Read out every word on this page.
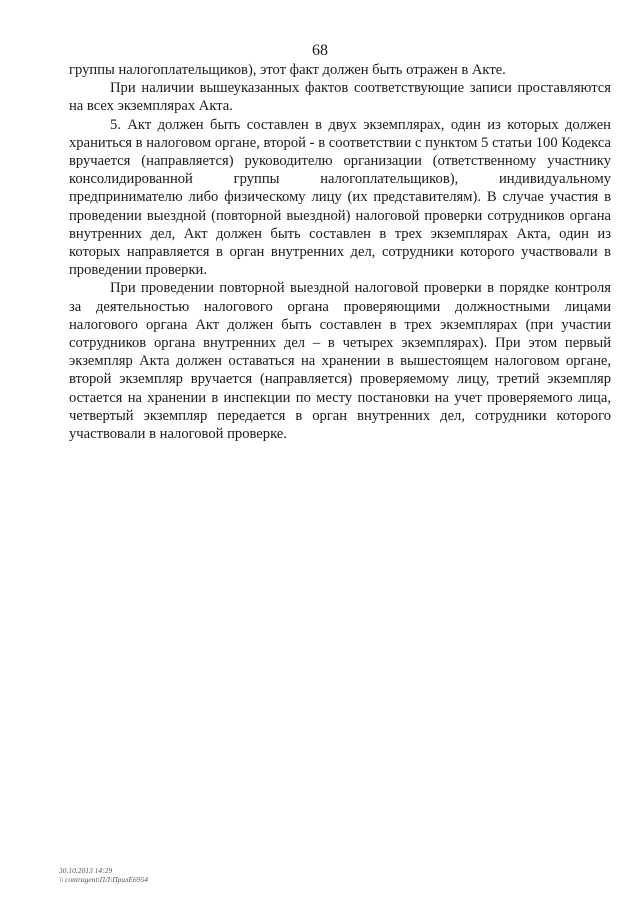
68

группы налогоплательщиков), этот факт должен быть отражен в Акте.

При наличии вышеуказанных фактов соответствующие записи проставляются на всех экземплярах Акта.

5. Акт должен быть составлен в двух экземплярах, один из которых должен храниться в налоговом органе, второй - в соответствии с пунктом 5 статьи 100 Кодекса вручается (направляется) руководителю организации (ответственному участнику консолидированной группы налогоплательщиков), индивидуальному предпринимателю либо физическому лицу (их представителям). В случае участия в проведении выездной (повторной выездной) налоговой проверки сотрудников органа внутренних дел, Акт должен быть составлен в трех экземплярах Акта, один из которых направляется в орган внутренних дел, сотрудники которого участвовали в проведении проверки.

При проведении повторной выездной налоговой проверки в порядке контроля за деятельностью налогового органа проверяющими должностными лицами налогового органа Акт должен быть составлен в трех экземплярах (при участии сотрудников органа внутренних дел – в четырех экземплярах). При этом первый экземпляр Акта должен оставаться на хранении в вышестоящем налоговом органе, второй экземпляр вручается (направляется) проверяемому лицу, третий экземпляр остается на хранении в инспекции по месту постановки на учет проверяемого лица, четвертый экземпляр передается в орган внутренних дел, сотрудники которого участвовали в налоговой проверке.

30.10.2013 14:29
\\ contragent\ПЛ\ПрилЕ6954
